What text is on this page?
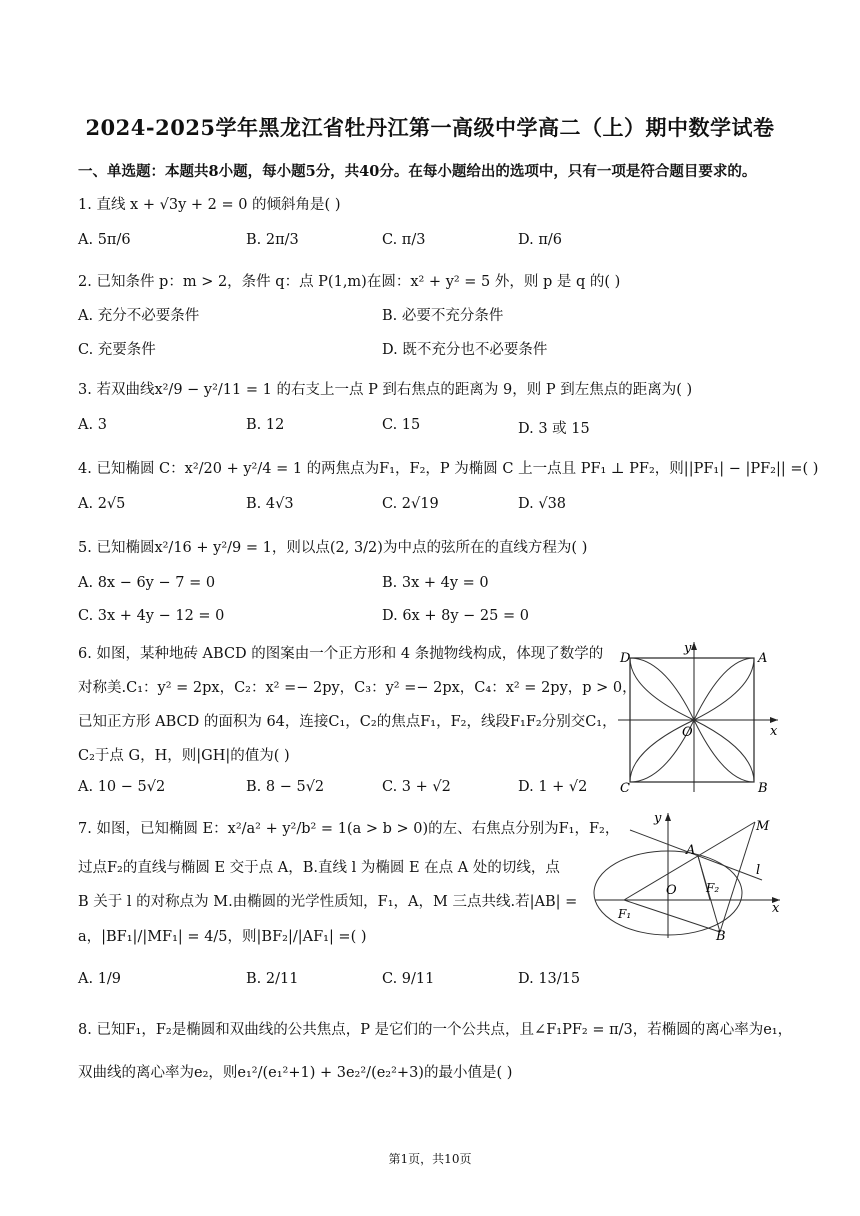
2024-2025学年黑龙江省牡丹江第一高级中学高二（上）期中数学试卷
一、单选题：本题共8小题，每小题5分，共40分。在每小题给出的选项中，只有一项是符合题目要求的。
1. 直线 x + √3y + 2 = 0 的倾斜角是( )
A. 5π/6	B. 2π/3	C. π/3	D. π/6
2. 已知条件 p：m > 2，条件 q：点 P(1,m)在圆：x² + y² = 5 外，则 p 是 q 的( )
A. 充分不必要条件	B. 必要不充分条件
C. 充要条件	D. 既不充分也不必要条件
3. 若双曲线x²/9 − y²/11 = 1 的右支上一点 P 到右焦点的距离为 9，则 P 到左焦点的距离为( )
A. 3	B. 12	C. 15	D. 3 或 15
4. 已知椭圆 C：x²/20 + y²/4 = 1 的两焦点为F₁，F₂，P 为椭圆 C 上一点且 PF₁ ⊥ PF₂，则||PF₁| − |PF₂|| =( )
A. 2√5	B. 4√3	C. 2√19	D. √38
5. 已知椭圆x²/16 + y²/9 = 1，则以点(2, 3/2)为中点的弦所在的直线方程为( )
A. 8x − 6y − 7 = 0	B. 3x + 4y = 0
C. 3x + 4y − 12 = 0	D. 6x + 8y − 25 = 0
6. 如图，某种地砖 ABCD 的图案由一个正方形和 4 条抛物线构成，体现了数学的
对称美.C₁：y² = 2px，C₂：x² =− 2py，C₃：y² =− 2px，C₄：x² = 2py，p > 0，
已知正方形 ABCD 的面积为 64，连接C₁，C₂的焦点F₁，F₂，线段F₁F₂分别交C₁，
C₂于点 G，H，则|GH|的值为( )
A. 10 − 5√2	B. 8 − 5√2	C. 3 + √2	D. 1 + √2
D	A
C	B
O	x
y
7. 如图，已知椭圆 E：x²/a² + y²/b² = 1(a > b > 0)的左、右焦点分别为F₁，F₂，
过点F₂的直线与椭圆 E 交于点 A，B.直线 l 为椭圆 E 在点 A 处的切线，点
B 关于 l 的对称点为 M.由椭圆的光学性质知，F₁，A，M 三点共线.若|AB| =
a，|BF₁|/|MF₁| = 4/5，则|BF₂|/|AF₁| =( )
A. 1/9	B. 2/11	C. 9/11	D. 13/15
M
A
l
O F₂
F₁
B
x
y
8. 已知F₁，F₂是椭圆和双曲线的公共焦点，P 是它们的一个公共点，且∠F₁PF₂ = π/3，若椭圆的离心率为e₁，
双曲线的离心率为e₂，则e₁²/(e₁²+1) + 3e₂²/(e₂²+3)的最小值是( )
第1页，共10页
